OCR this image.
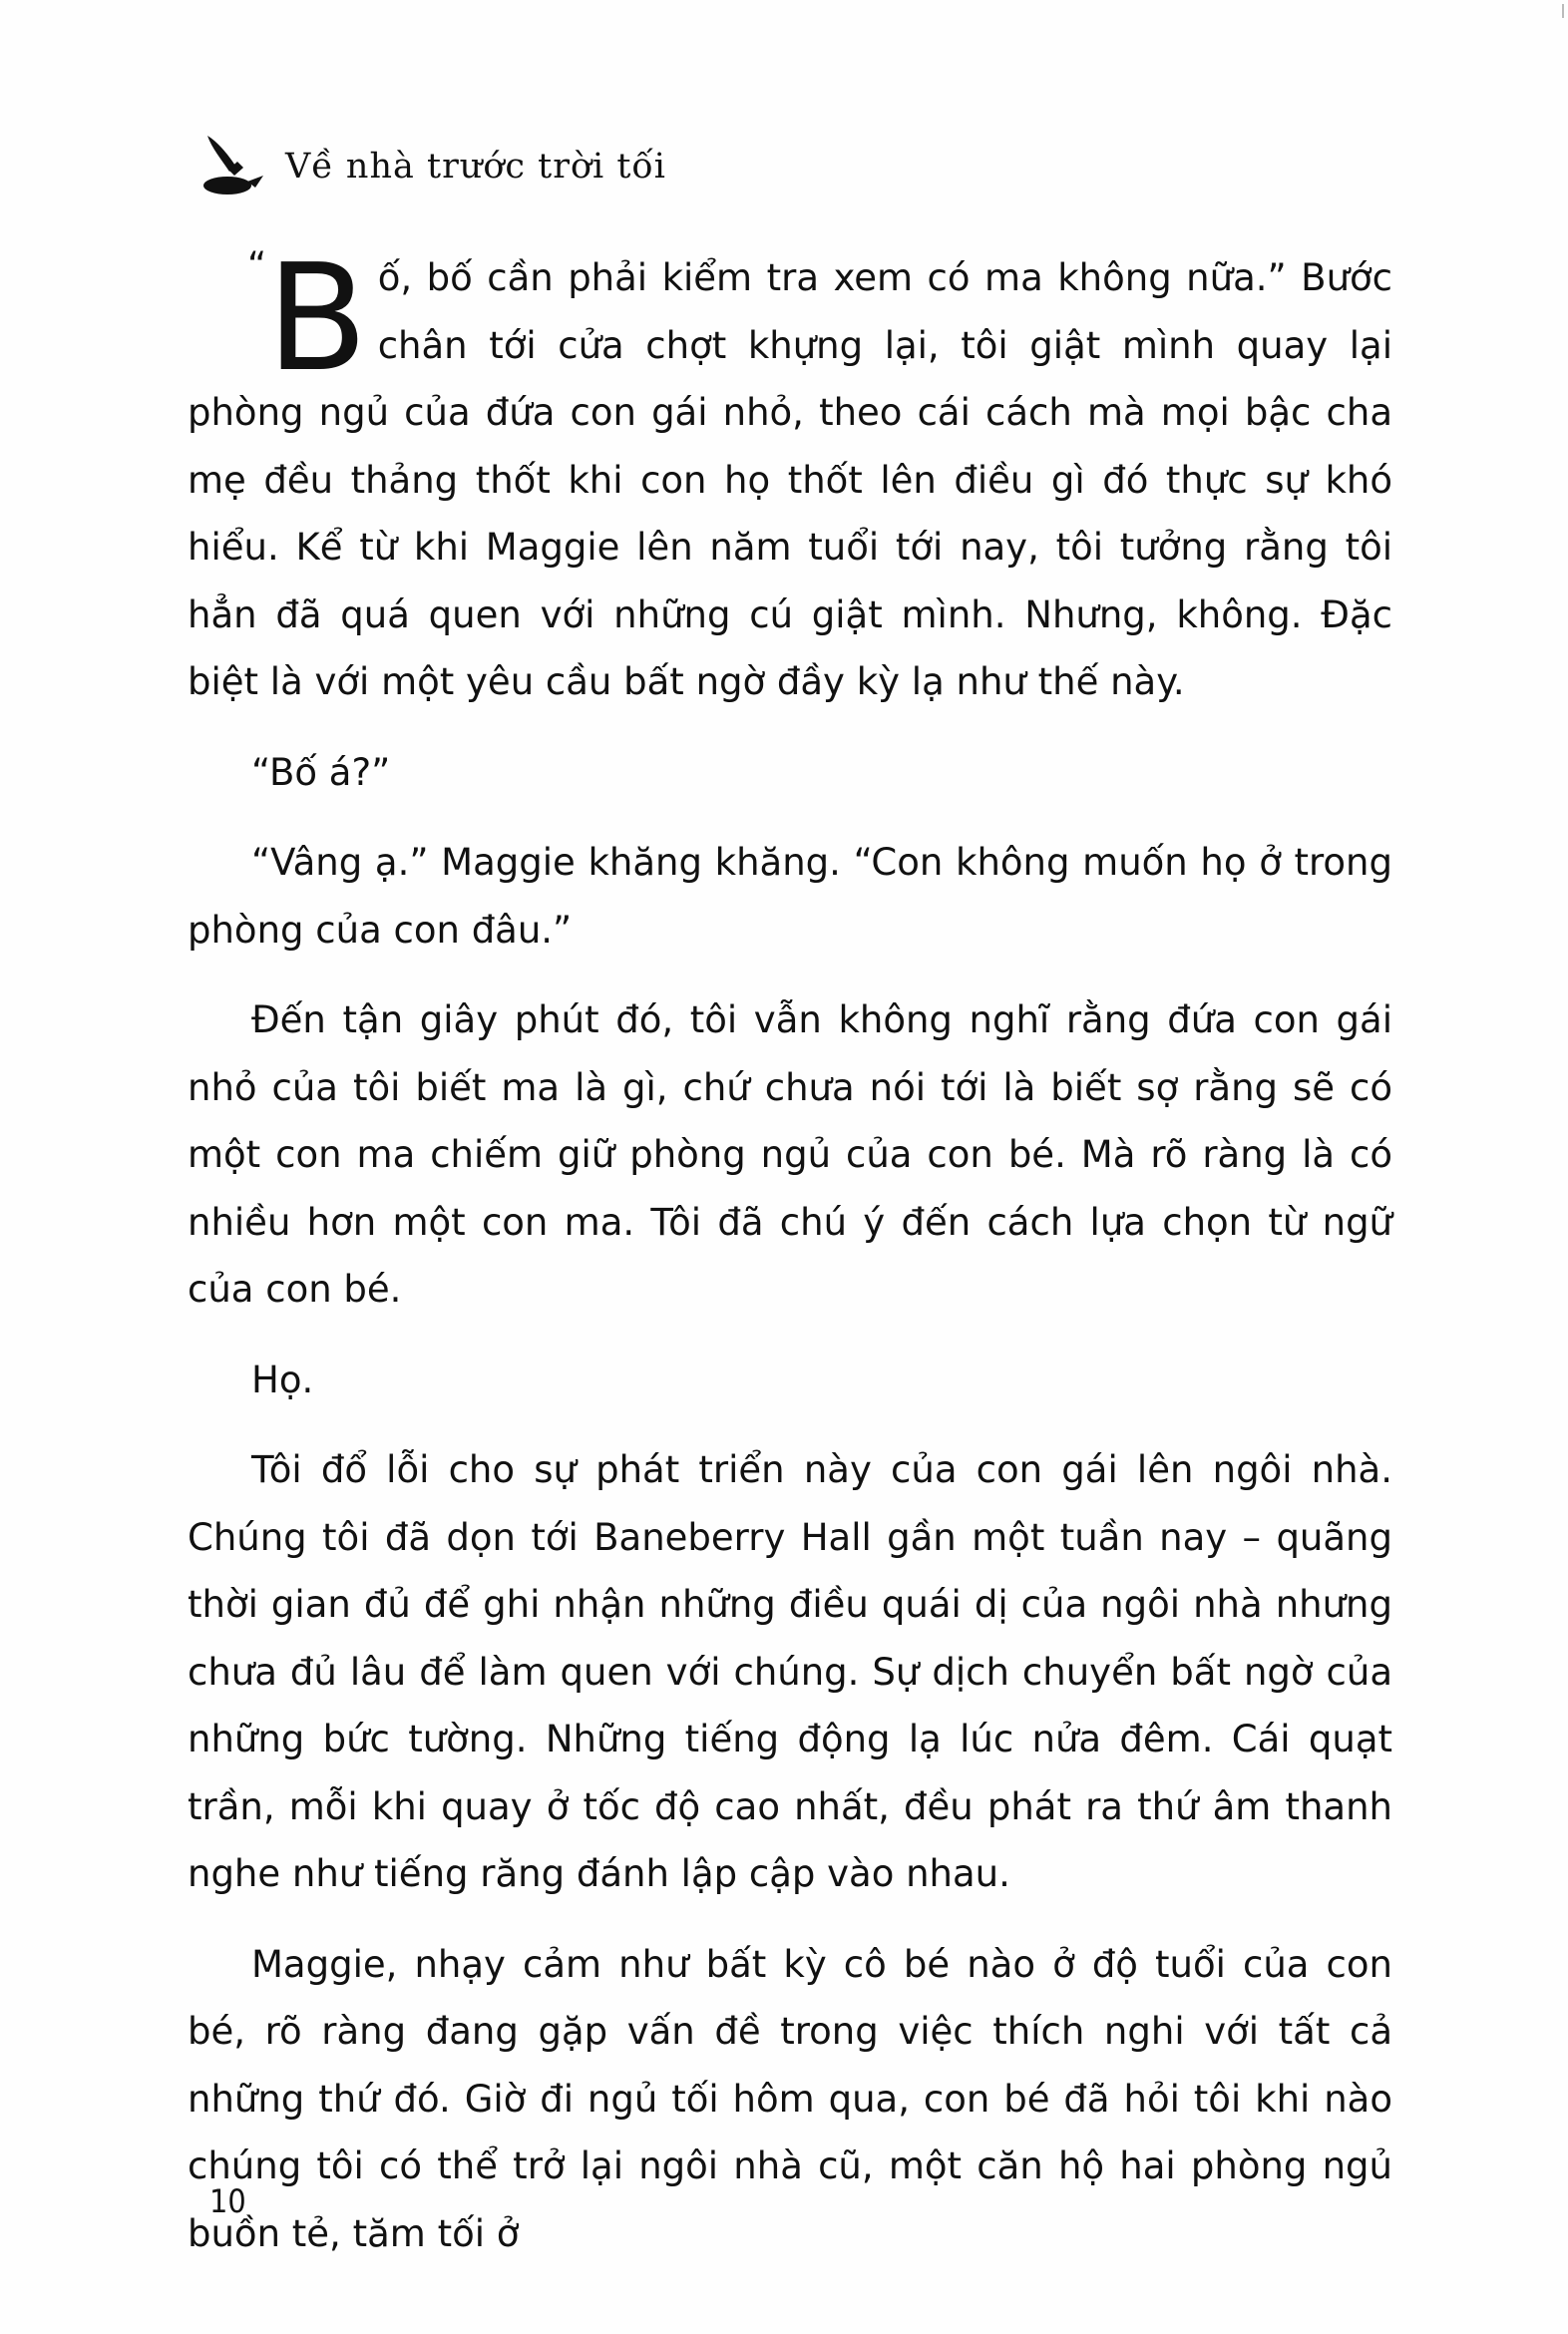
Về nhà trước trời tối

“ B ố, bố cần phải kiểm tra xem có ma không nữa.” Bước chân tới cửa chợt khựng lại, tôi giật mình quay lại phòng ngủ của đứa con gái nhỏ, theo cái cách mà mọi bậc cha mẹ đều thảng thốt khi con họ thốt lên điều gì đó thực sự khó hiểu. Kể từ khi Maggie lên năm tuổi tới nay, tôi tưởng rằng tôi hẳn đã quá quen với những cú giật mình. Nhưng, không. Đặc biệt là với một yêu cầu bất ngờ đầy kỳ lạ như thế này.

“Bố á?”

“Vâng ạ.” Maggie khăng khăng. “Con không muốn họ ở trong phòng của con đâu.”

Đến tận giây phút đó, tôi vẫn không nghĩ rằng đứa con gái nhỏ của tôi biết ma là gì, chứ chưa nói tới là biết sợ rằng sẽ có một con ma chiếm giữ phòng ngủ của con bé. Mà rõ ràng là có nhiều hơn một con ma. Tôi đã chú ý đến cách lựa chọn từ ngữ của con bé.

Họ.

Tôi đổ lỗi cho sự phát triển này của con gái lên ngôi nhà. Chúng tôi đã dọn tới Baneberry Hall gần một tuần nay – quãng thời gian đủ để ghi nhận những điều quái dị của ngôi nhà nhưng chưa đủ lâu để làm quen với chúng. Sự dịch chuyển bất ngờ của những bức tường. Những tiếng động lạ lúc nửa đêm. Cái quạt trần, mỗi khi quay ở tốc độ cao nhất, đều phát ra thứ âm thanh nghe như tiếng răng đánh lập cập vào nhau.

Maggie, nhạy cảm như bất kỳ cô bé nào ở độ tuổi của con bé, rõ ràng đang gặp vấn đề trong việc thích nghi với tất cả những thứ đó. Giờ đi ngủ tối hôm qua, con bé đã hỏi tôi khi nào chúng tôi có thể trở lại ngôi nhà cũ, một căn hộ hai phòng ngủ buồn tẻ, tăm tối ở

10
